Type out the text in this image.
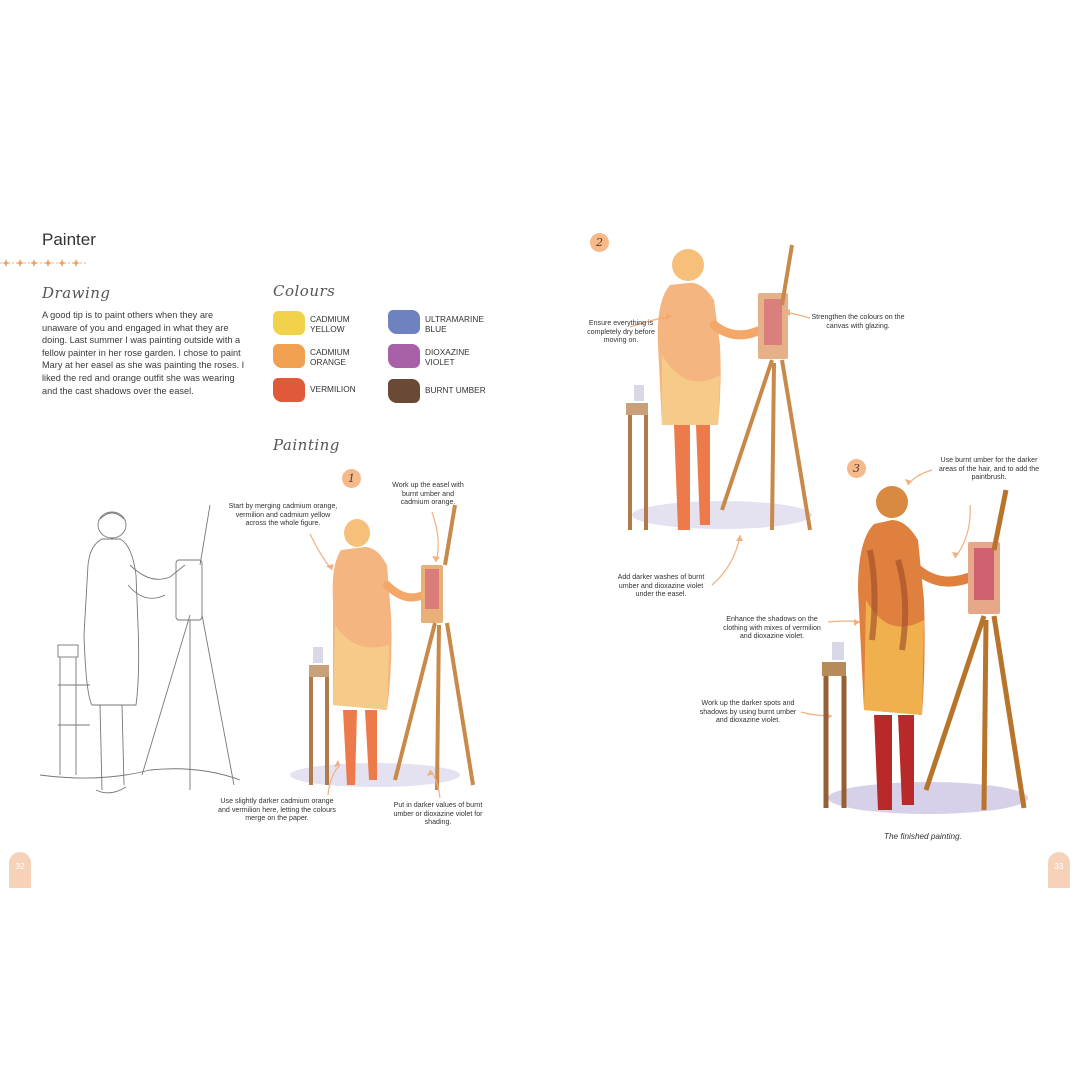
Painter
Drawing
A good tip is to paint others when they are unaware of you and engaged in what they are doing. Last summer I was painting outside with a fellow painter in her rose garden. I chose to paint Mary at her easel as she was painting the roses. I liked the red and orange outfit she was wearing and the cast shadows over the easel.
Colours
CADMIUM
YELLOW
CADMIUM
ORANGE
VERMILION
ULTRAMARINE
BLUE
DIOXAZINE
VIOLET
BURNT UMBER
Painting
1
Start by merging cadmium orange, vermilion and cadmium yellow across the whole figure.
Work up the easel with burnt umber and cadmium orange.
Use slightly darker cadmium orange and vermilion here, letting the colours merge on the paper.
Put in darker values of burnt umber or dioxazine violet for shading.
32
2
Ensure everything is completely dry before moving on.
Strengthen the colours on the canvas with glazing.
Add darker washes of burnt umber and dioxazine violet under the easel.
3
Use burnt umber for the darker areas of the hair, and to add the paintbrush.
Enhance the shadows on the clothing with mixes of vermilion and dioxazine violet.
Work up the darker spots and shadows by using burnt umber and dioxazine violet.
The finished painting.
33
